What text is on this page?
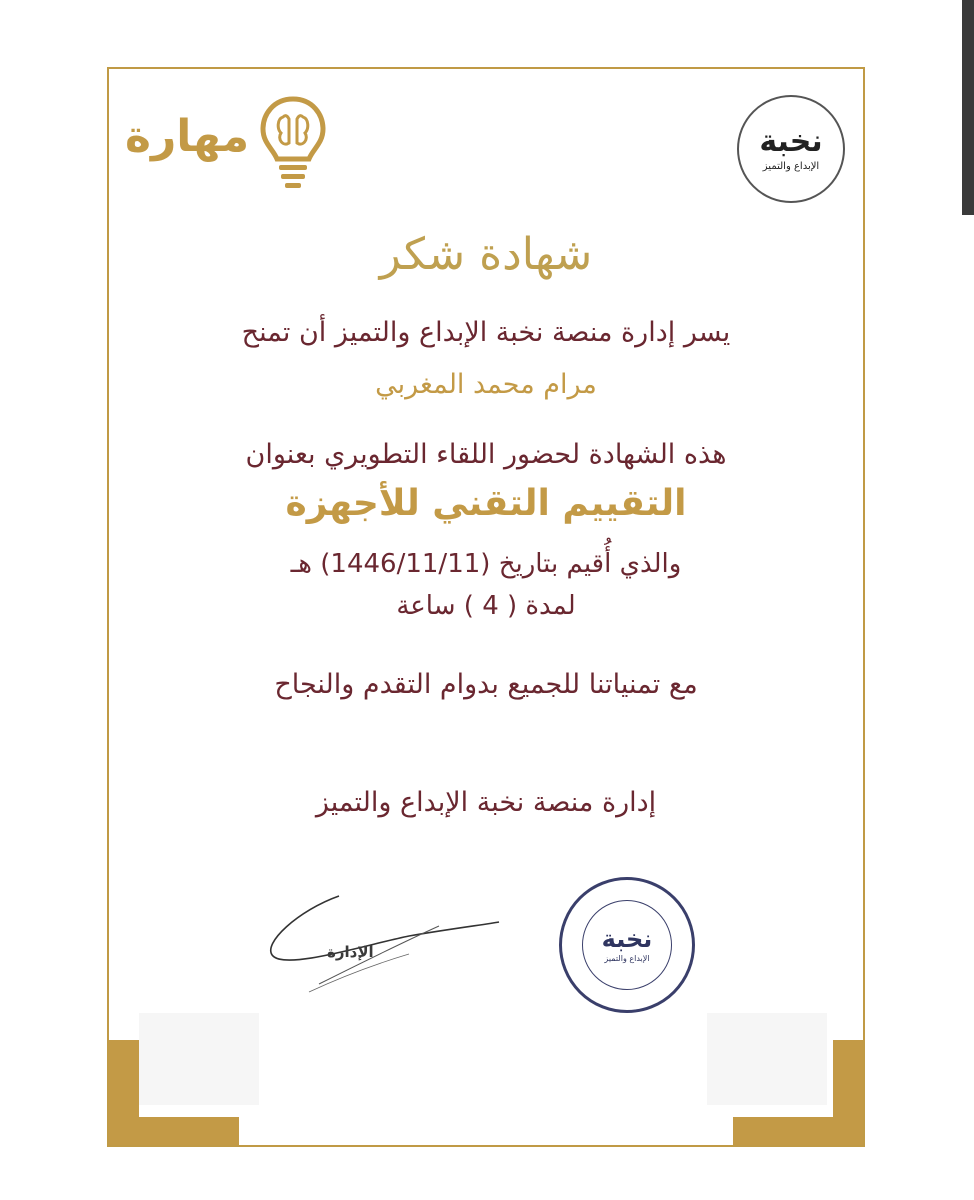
مهارة	نخبة
الإبداع والتميز
شهادة شكر
يسر إدارة منصة نخبة الإبداع والتميز أن تمنح
مرام محمد المغربي
هذه الشهادة لحضور اللقاء التطويري بعنوان
التقييم التقني للأجهزة
والذي أُقيم بتاريخ (1446/11/11) هـ
لمدة ( 4 ) ساعة
مع تمنياتنا للجميع بدوام التقدم والنجاح
إدارة منصة نخبة الإبداع والتميز
الإدارة	نخبة
الإبداع والتميز
